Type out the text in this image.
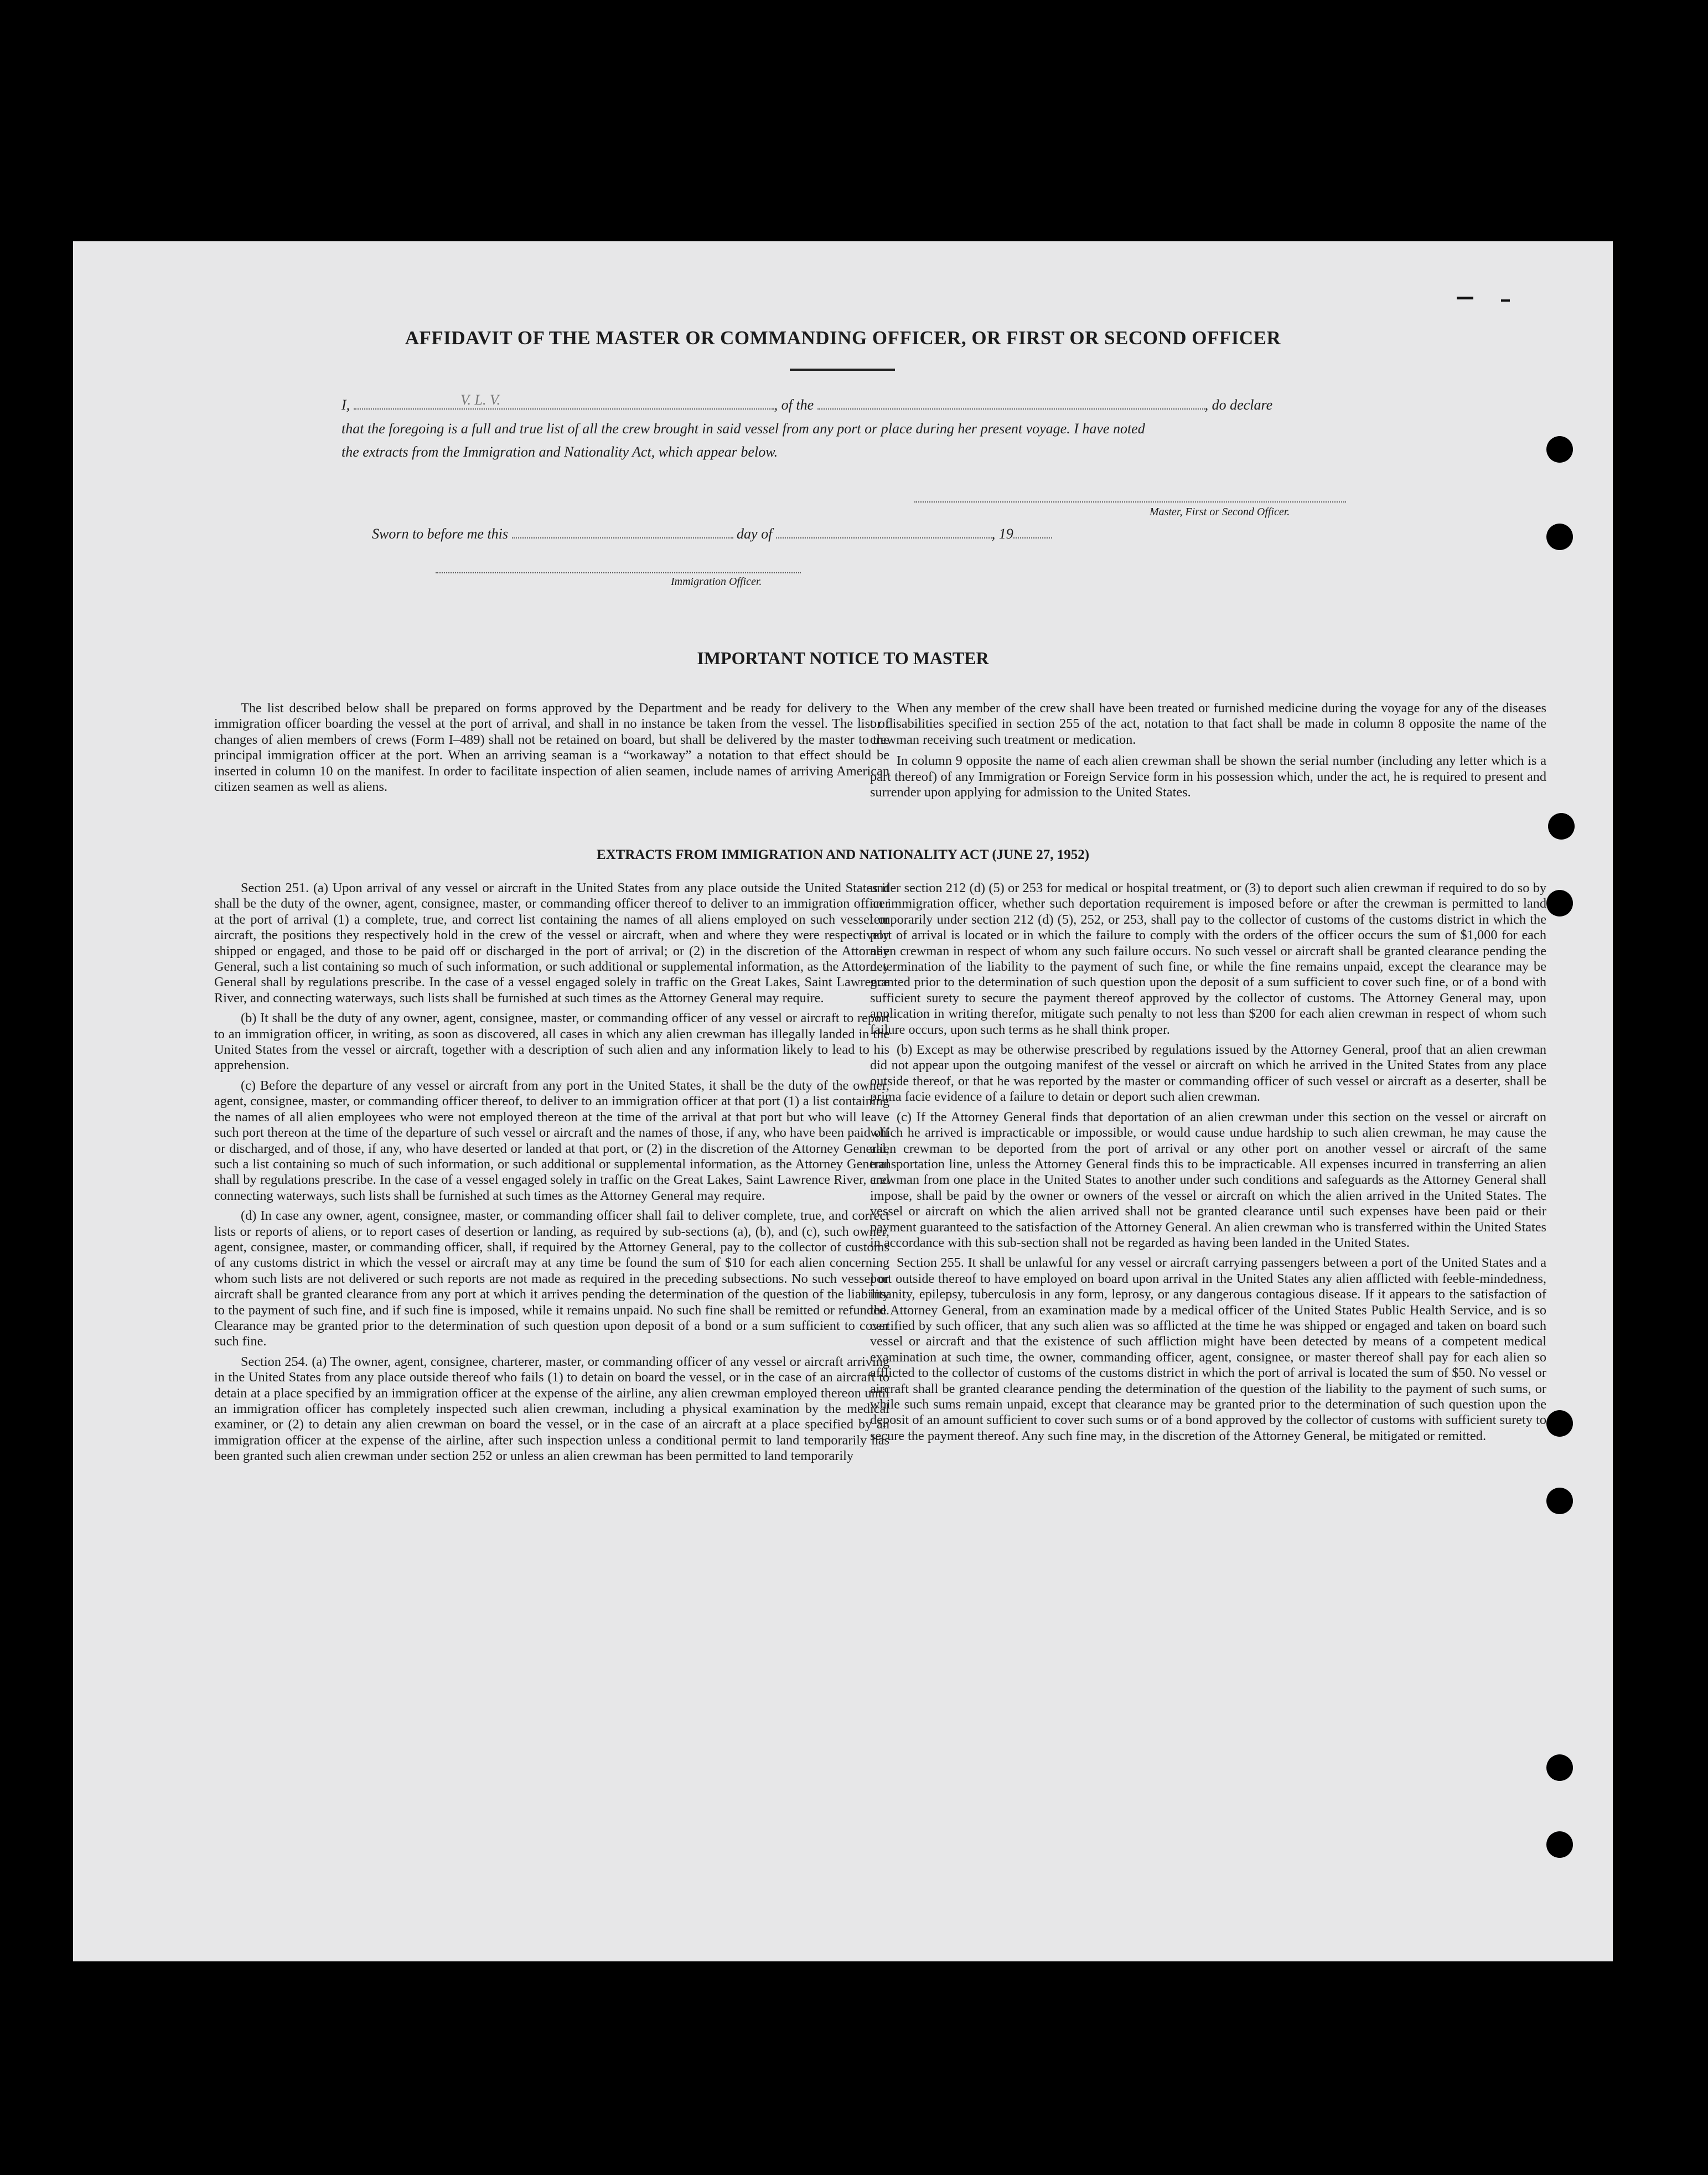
AFFIDAVIT OF THE MASTER OR COMMANDING OFFICER, OR FIRST OR SECOND OFFICER
I,	, of the	, do declare
V. L. V.
that the foregoing is a full and true list of all the crew brought in said vessel from any port or place during her present voyage. I have noted
the extracts from the Immigration and Nationality Act, which appear below.
Master, First or Second Officer.
Sworn to before me this	day of	, 19
Immigration Officer.
IMPORTANT NOTICE TO MASTER

The list described below shall be prepared on forms approved by the Department and be ready for delivery to the immigration officer boarding the vessel at the port of arrival, and shall in no instance be taken from the vessel. The list of changes of alien members of crews (Form I–489) shall not be retained on board, but shall be delivered by the master to the principal immigration officer at the port. When an arriving seaman is a “workaway” a notation to that effect should be inserted in column 10 on the manifest. In order to facilitate inspection of alien seamen, include names of arriving American citizen seamen as well as aliens.

When any member of the crew shall have been treated or furnished medicine during the voyage for any of the diseases or disabilities specified in section 255 of the act, notation to that fact shall be made in column 8 opposite the name of the crewman receiving such treatment or medication.

In column 9 opposite the name of each alien crewman shall be shown the serial number (including any letter which is a part thereof) of any Immigration or Foreign Service form in his possession which, under the act, he is required to present and surrender upon applying for admission to the United States.

EXTRACTS FROM IMMIGRATION AND NATIONALITY ACT (JUNE 27, 1952)

Section 251. (a) Upon arrival of any vessel or aircraft in the United States from any place outside the United States it shall be the duty of the owner, agent, consignee, master, or commanding officer thereof to deliver to an immigration officer at the port of arrival (1) a complete, true, and correct list containing the names of all aliens employed on such vessel or aircraft, the positions they respectively hold in the crew of the vessel or aircraft, when and where they were respectively shipped or engaged, and those to be paid off or discharged in the port of arrival; or (2) in the discretion of the Attorney General, such a list containing so much of such information, or such additional or supplemental information, as the Attorney General shall by regulations prescribe. In the case of a vessel engaged solely in traffic on the Great Lakes, Saint Lawrence River, and connecting waterways, such lists shall be furnished at such times as the Attorney General may require.

(b) It shall be the duty of any owner, agent, consignee, master, or commanding officer of any vessel or aircraft to report to an immigration officer, in writing, as soon as discovered, all cases in which any alien crewman has illegally landed in the United States from the vessel or aircraft, together with a description of such alien and any information likely to lead to his apprehension.

(c) Before the departure of any vessel or aircraft from any port in the United States, it shall be the duty of the owner, agent, consignee, master, or commanding officer thereof, to deliver to an immigration officer at that port (1) a list containing the names of all alien employees who were not employed thereon at the time of the arrival at that port but who will leave such port thereon at the time of the departure of such vessel or aircraft and the names of those, if any, who have been paid off or discharged, and of those, if any, who have deserted or landed at that port, or (2) in the discretion of the Attorney General, such a list containing so much of such information, or such additional or supplemental information, as the Attorney General shall by regulations prescribe. In the case of a vessel engaged solely in traffic on the Great Lakes, Saint Lawrence River, and connecting waterways, such lists shall be furnished at such times as the Attorney General may require.

(d) In case any owner, agent, consignee, master, or commanding officer shall fail to deliver complete, true, and correct lists or reports of aliens, or to report cases of desertion or landing, as required by sub-sections (a), (b), and (c), such owner, agent, consignee, master, or commanding officer, shall, if required by the Attorney General, pay to the collector of customs of any customs district in which the vessel or aircraft may at any time be found the sum of $10 for each alien concerning whom such lists are not delivered or such reports are not made as required in the preceding subsections. No such vessel or aircraft shall be granted clearance from any port at which it arrives pending the determination of the question of the liability to the payment of such fine, and if such fine is imposed, while it remains unpaid. No such fine shall be remitted or refunded. Clearance may be granted prior to the determination of such question upon deposit of a bond or a sum sufficient to cover such fine.

Section 254. (a) The owner, agent, consignee, charterer, master, or commanding officer of any vessel or aircraft arriving in the United States from any place outside thereof who fails (1) to detain on board the vessel, or in the case of an aircraft to detain at a place specified by an immigration officer at the expense of the airline, any alien crewman employed thereon until an immigration officer has completely inspected such alien crewman, including a physical examination by the medical examiner, or (2) to detain any alien crewman on board the vessel, or in the case of an aircraft at a place specified by an immigration officer at the expense of the airline, after such inspection unless a conditional permit to land temporarily has been granted such alien crewman under section 252 or unless an alien crewman has been permitted to land temporarily

under section 212 (d) (5) or 253 for medical or hospital treatment, or (3) to deport such alien crewman if required to do so by an immigration officer, whether such deportation requirement is imposed before or after the crewman is permitted to land temporarily under section 212 (d) (5), 252, or 253, shall pay to the collector of customs of the customs district in which the port of arrival is located or in which the failure to comply with the orders of the officer occurs the sum of $1,000 for each alien crewman in respect of whom any such failure occurs. No such vessel or aircraft shall be granted clearance pending the determination of the liability to the payment of such fine, or while the fine remains unpaid, except the clearance may be granted prior to the determination of such question upon the deposit of a sum sufficient to cover such fine, or of a bond with sufficient surety to secure the payment thereof approved by the collector of customs. The Attorney General may, upon application in writing therefor, mitigate such penalty to not less than $200 for each alien crewman in respect of whom such failure occurs, upon such terms as he shall think proper.

(b) Except as may be otherwise prescribed by regulations issued by the Attorney General, proof that an alien crewman did not appear upon the outgoing manifest of the vessel or aircraft on which he arrived in the United States from any place outside thereof, or that he was reported by the master or commanding officer of such vessel or aircraft as a deserter, shall be prima facie evidence of a failure to detain or deport such alien crewman.

(c) If the Attorney General finds that deportation of an alien crewman under this section on the vessel or aircraft on which he arrived is impracticable or impossible, or would cause undue hardship to such alien crewman, he may cause the alien crewman to be deported from the port of arrival or any other port on another vessel or aircraft of the same transportation line, unless the Attorney General finds this to be impracticable. All expenses incurred in transferring an alien crewman from one place in the United States to another under such conditions and safeguards as the Attorney General shall impose, shall be paid by the owner or owners of the vessel or aircraft on which the alien arrived in the United States. The vessel or aircraft on which the alien arrived shall not be granted clearance until such expenses have been paid or their payment guaranteed to the satisfaction of the Attorney General. An alien crewman who is transferred within the United States in accordance with this sub-section shall not be regarded as having been landed in the United States.

Section 255. It shall be unlawful for any vessel or aircraft carrying passengers between a port of the United States and a port outside thereof to have employed on board upon arrival in the United States any alien afflicted with feeble-mindedness, insanity, epilepsy, tuberculosis in any form, leprosy, or any dangerous contagious disease. If it appears to the satisfaction of the Attorney General, from an examination made by a medical officer of the United States Public Health Service, and is so certified by such officer, that any such alien was so afflicted at the time he was shipped or engaged and taken on board such vessel or aircraft and that the existence of such affliction might have been detected by means of a competent medical examination at such time, the owner, commanding officer, agent, consignee, or master thereof shall pay for each alien so afflicted to the collector of customs of the customs district in which the port of arrival is located the sum of $50. No vessel or aircraft shall be granted clearance pending the determination of the question of the liability to the payment of such sums, or while such sums remain unpaid, except that clearance may be granted prior to the determination of such question upon the deposit of an amount sufficient to cover such sums or of a bond approved by the collector of customs with sufficient surety to secure the payment thereof. Any such fine may, in the discretion of the Attorney General, be mitigated or remitted.
